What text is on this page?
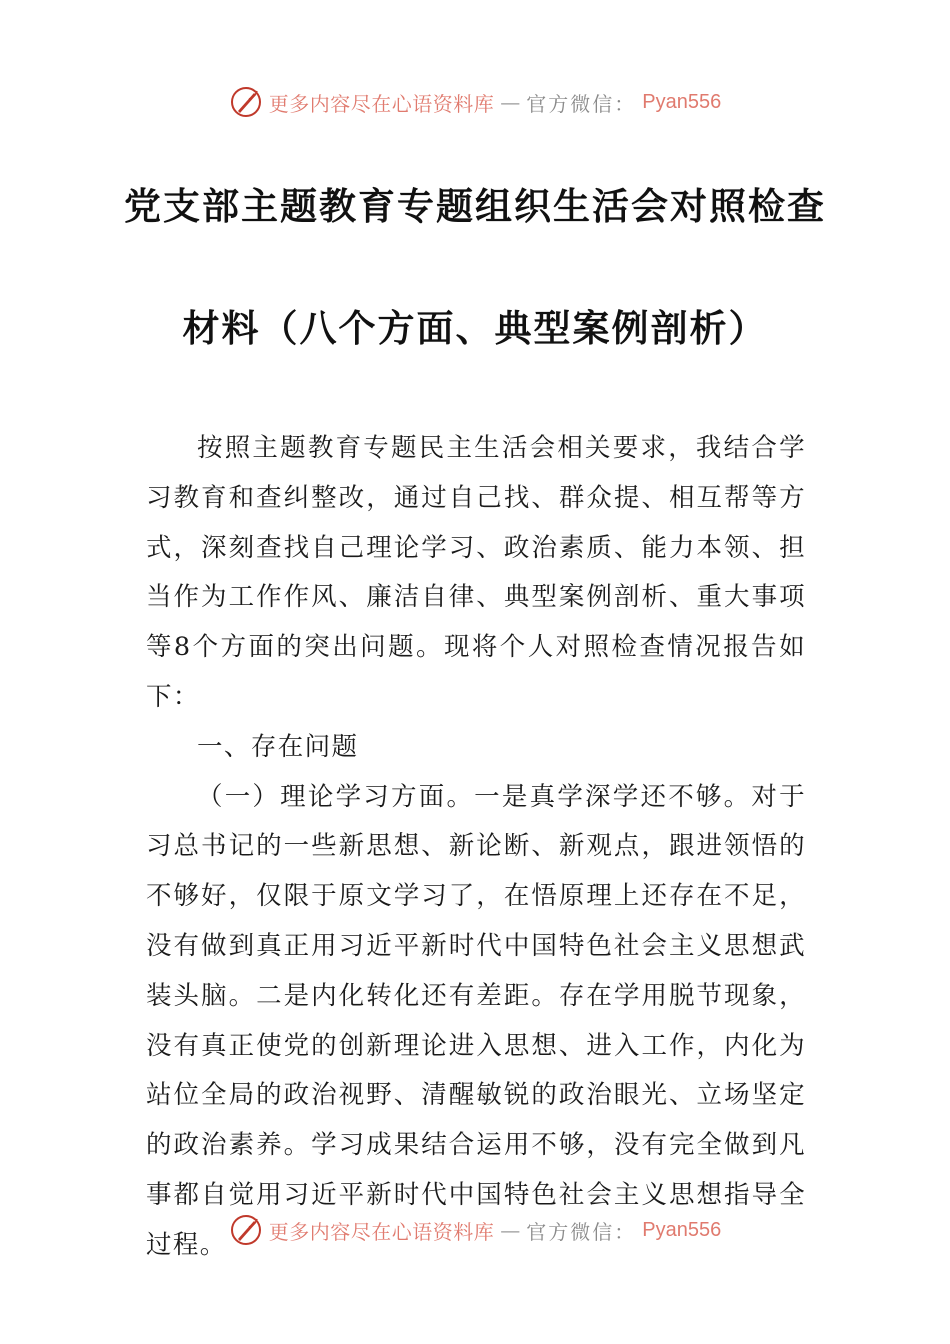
更多内容尽在心语资料库 — 官方微信： Pyan556
党支部主题教育专题组织生活会对照检查
材料（八个方面、典型案例剖析）

按照主题教育专题民主生活会相关要求，我结合学习教育和查纠整改，通过自己找、群众提、相互帮等方式，深刻查找自己理论学习、政治素质、能力本领、担当作为工作作风、廉洁自律、典型案例剖析、重大事项等8个方面的突出问题。现将个人对照检查情况报告如下：

一、存在问题

（一）理论学习方面。一是真学深学还不够。对于习总书记的一些新思想、新论断、新观点，跟进领悟的不够好，仅限于原文学习了，在悟原理上还存在不足，没有做到真正用习近平新时代中国特色社会主义思想武装头脑。二是内化转化还有差距。存在学用脱节现象，没有真正使党的创新理论进入思想、进入工作，内化为站位全局的政治视野、清醒敏锐的政治眼光、立场坚定的政治素养。学习成果结合运用不够，没有完全做到凡事都自觉用习近平新时代中国特色社会主义思想指导全过程。	更多内容尽在心语资料库 — 官方微信： Pyan556
